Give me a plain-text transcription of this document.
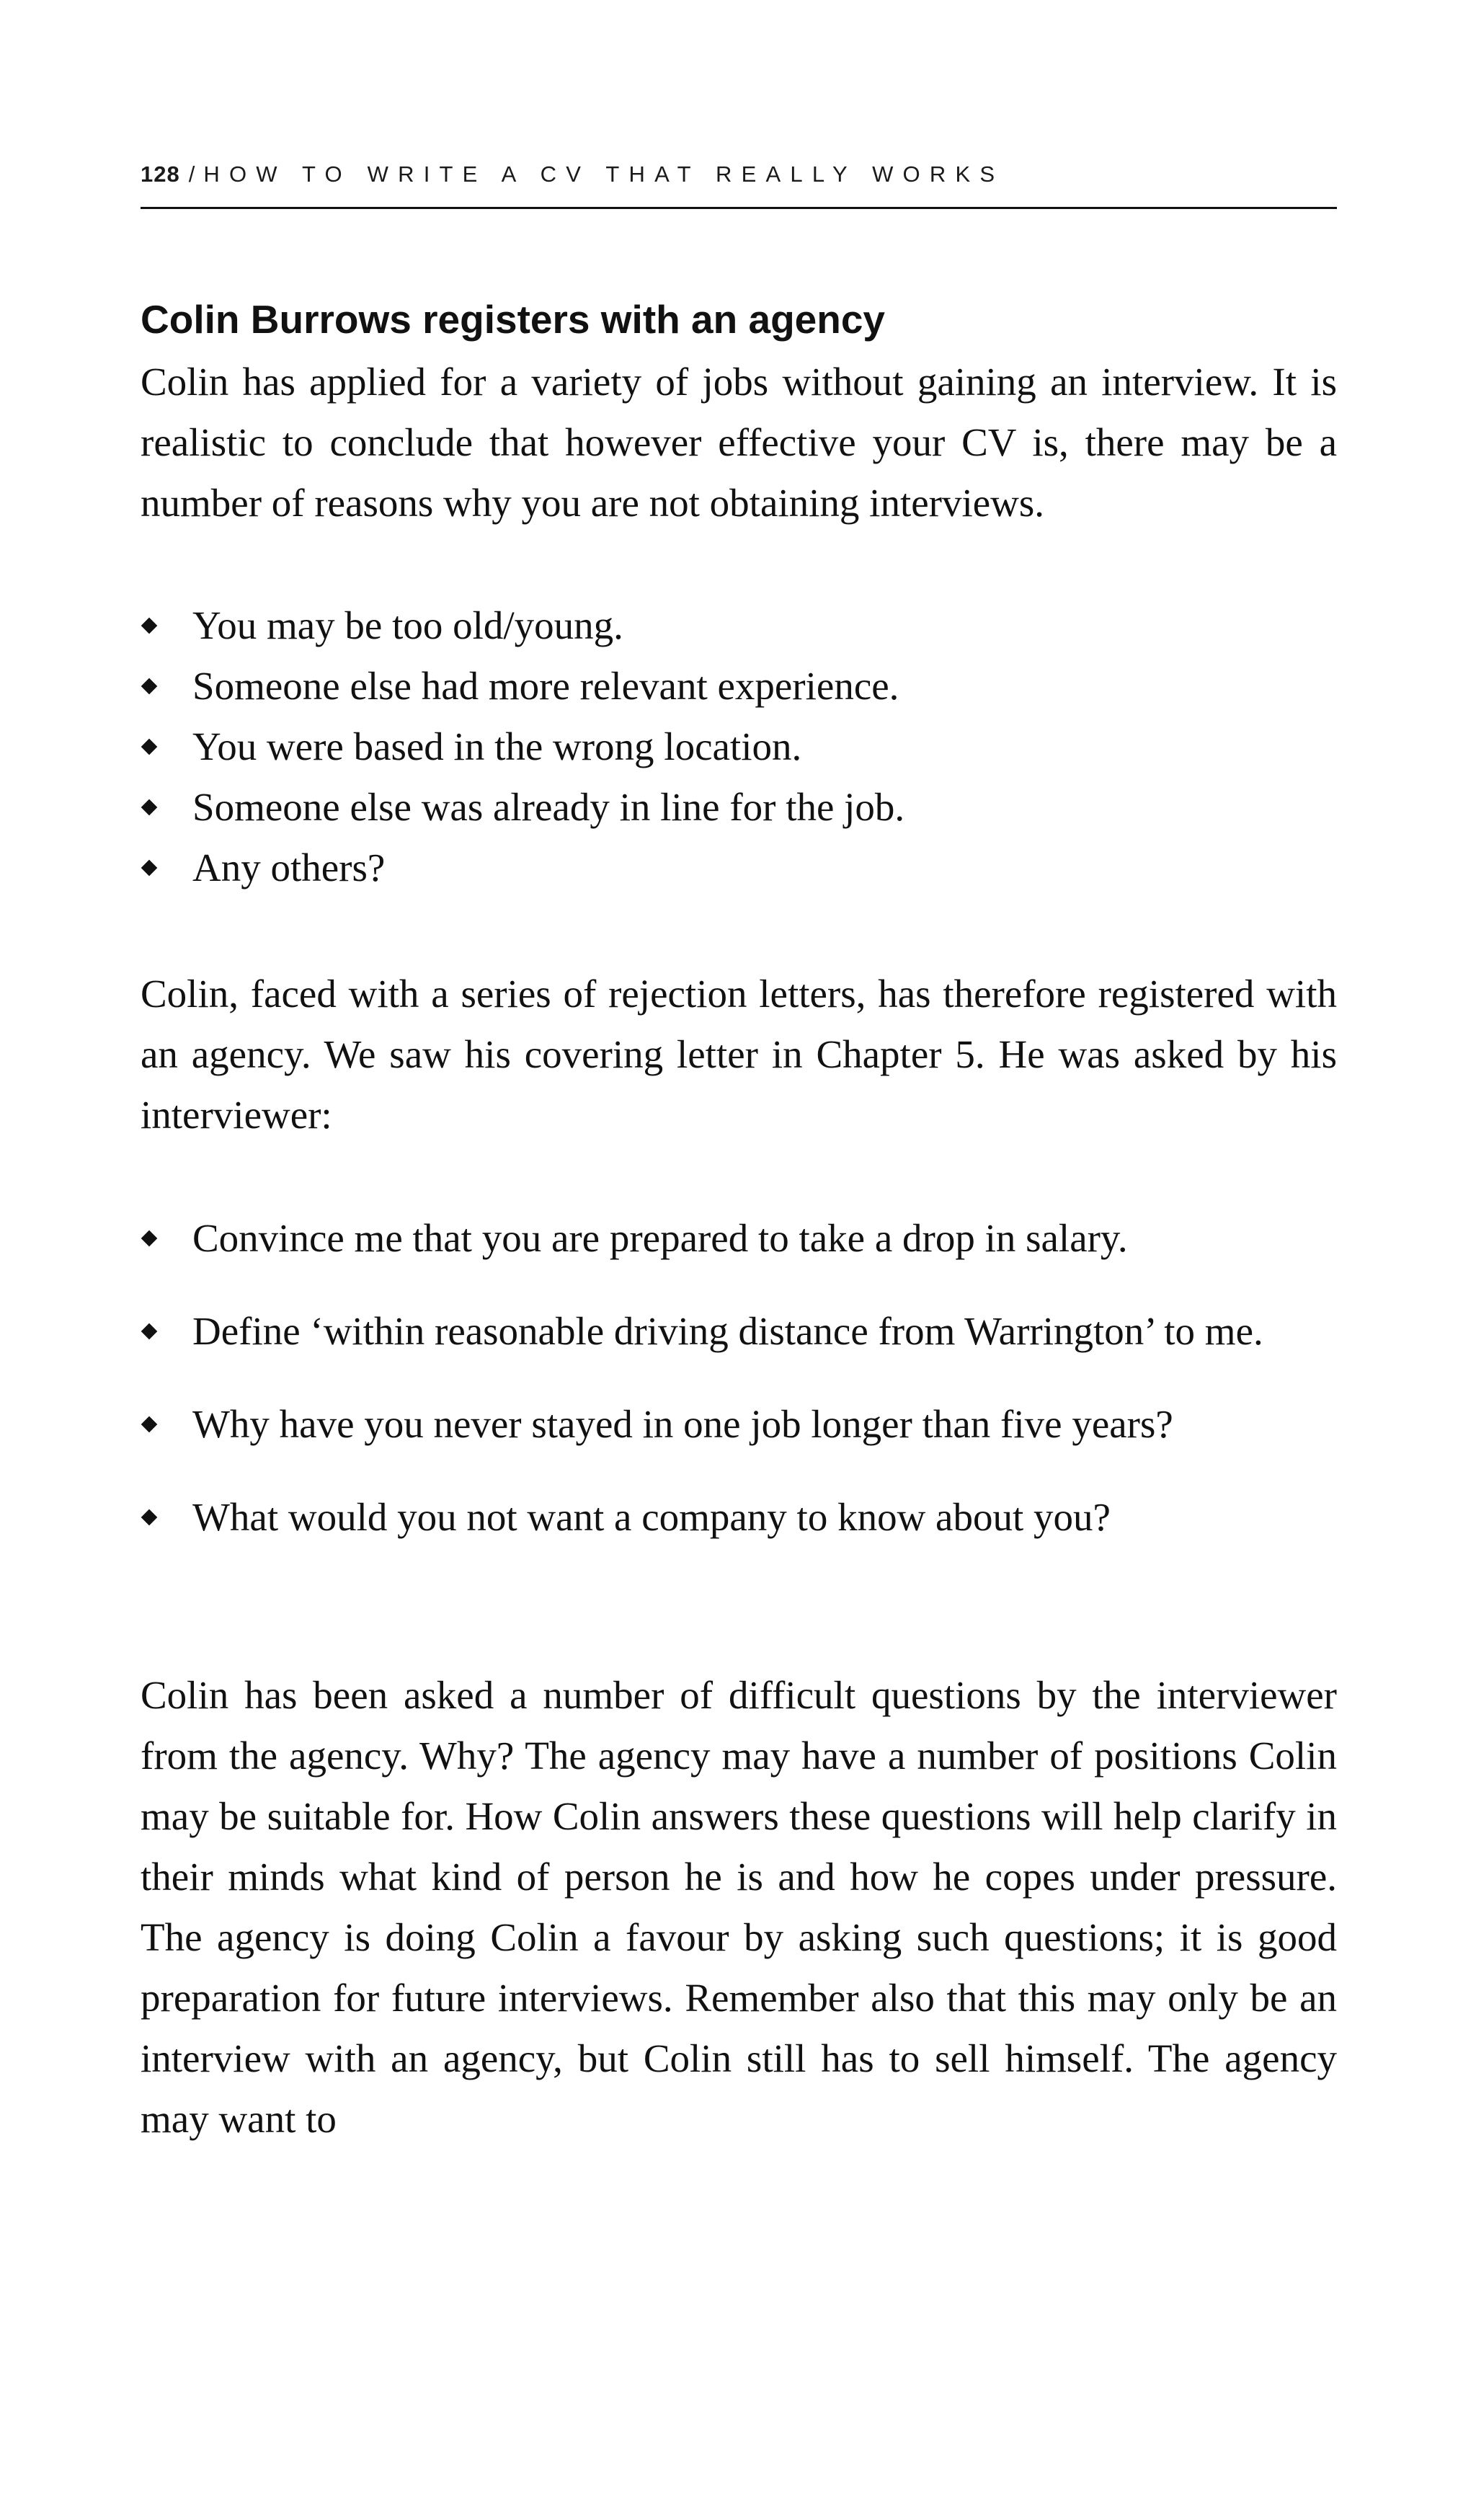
128 / HOW TO WRITE A CV THAT REALLY WORKS
Colin Burrows registers with an agency

Colin has applied for a variety of jobs without gaining an interview. It is realistic to conclude that however effective your CV is, there may be a number of reasons why you are not obtaining interviews.

You may be too old/young.
Someone else had more relevant experience.
You were based in the wrong location.
Someone else was already in line for the job.
Any others?

Colin, faced with a series of rejection letters, has therefore registered with an agency. We saw his covering letter in Chapter 5. He was asked by his interviewer:

Convince me that you are prepared to take a drop in salary.
Define ‘within reasonable driving distance from Warrington’ to me.
Why have you never stayed in one job longer than five years?
What would you not want a company to know about you?

Colin has been asked a number of difficult questions by the interviewer from the agency. Why? The agency may have a number of positions Colin may be suitable for. How Colin answers these questions will help clarify in their minds what kind of person he is and how he copes under pressure. The agency is doing Colin a favour by asking such questions; it is good preparation for future interviews. Remember also that this may only be an interview with an agency, but Colin still has to sell himself. The agency may want to
